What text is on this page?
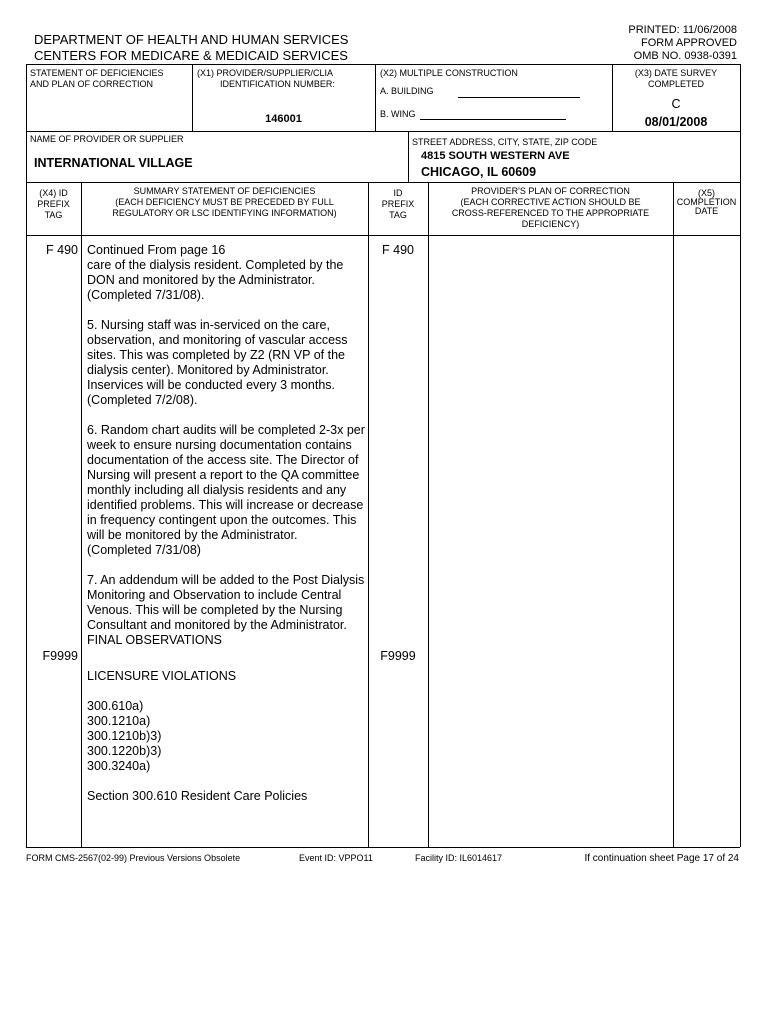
DEPARTMENT OF HEALTH AND HUMAN SERVICES
CENTERS FOR MEDICARE & MEDICAID SERVICES
PRINTED: 11/06/2008
FORM APPROVED
OMB NO. 0938-0391
STATEMENT OF DEFICIENCIES
AND PLAN OF CORRECTION
(X1) PROVIDER/SUPPLIER/CLIA
IDENTIFICATION NUMBER:
146001
(X2) MULTIPLE CONSTRUCTION
A. BUILDING
B. WING
(X3) DATE SURVEY
COMPLETED
C
08/01/2008
NAME OF PROVIDER OR SUPPLIER
INTERNATIONAL VILLAGE
STREET ADDRESS, CITY, STATE, ZIP CODE
4815 SOUTH WESTERN AVE
CHICAGO, IL 60609
(X4) ID
PREFIX
TAG
SUMMARY STATEMENT OF DEFICIENCIES
(EACH DEFICIENCY MUST BE PRECEDED BY FULL
REGULATORY OR LSC IDENTIFYING INFORMATION)
ID
PREFIX
TAG
PROVIDER'S PLAN OF CORRECTION
(EACH CORRECTIVE ACTION SHOULD BE
CROSS-REFERENCED TO THE APPROPRIATE
DEFICIENCY)
(X5)
COMPLETION
DATE
F 490	F 490
Continued From page 16
care of the dialysis resident. Completed by the DON and monitored by the Administrator. (Completed 7/31/08).
5. Nursing staff was in-serviced on the care, observation, and monitoring of vascular access sites. This was completed by Z2 (RN VP of the dialysis center). Monitored by Administrator. Inservices will be conducted every 3 months. (Completed 7/2/08).
6. Random chart audits will be completed 2-3x per week to ensure nursing documentation contains documentation of the access site. The Director of Nursing will present a report to the QA committee monthly including all dialysis residents and any identified problems. This will increase or decrease in frequency contingent upon the outcomes. This will be monitored by the Administrator. (Completed 7/31/08)
7. An addendum will be added to the Post Dialysis Monitoring and Observation to include Central Venous. This will be completed by the Nursing Consultant and monitored by the Administrator.
FINAL OBSERVATIONS
LICENSURE VIOLATIONS
300.610a)
300.1210a)
300.1210b)3)
300.1220b)3)
300.3240a)
Section 300.610 Resident Care Policies
F9999	F9999
FORM CMS-2567(02-99) Previous Versions Obsolete	Event ID: VPPO11	Facility ID: IL6014617	If continuation sheet Page 17 of 24
